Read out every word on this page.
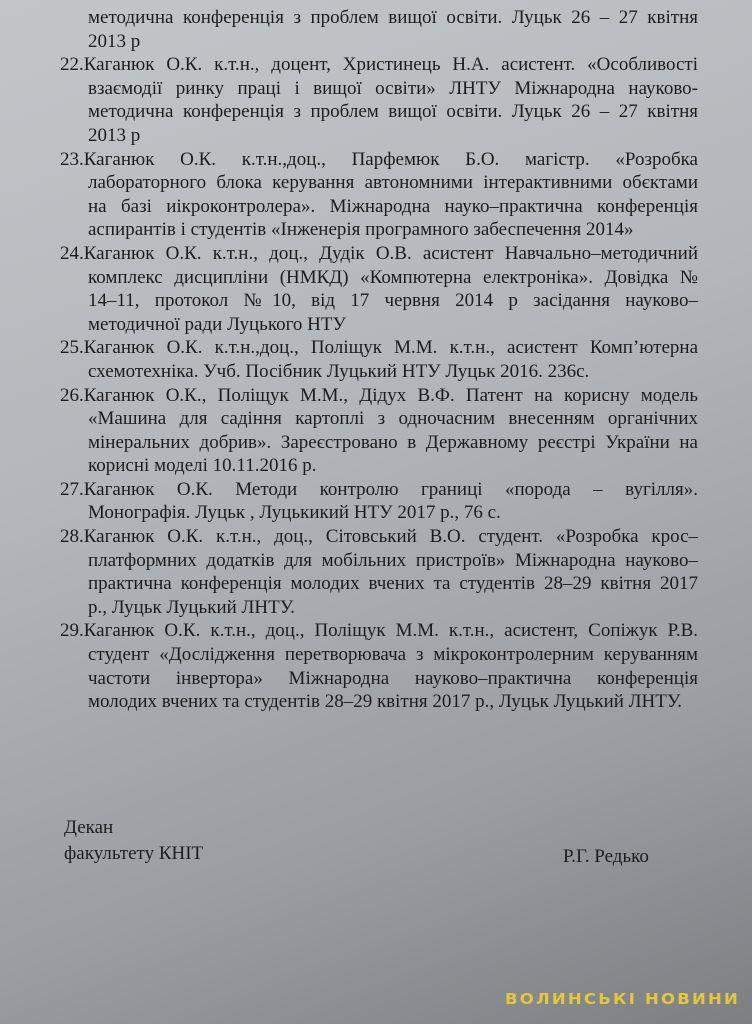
методична конференція з проблем вищої освіти. Луцьк 26 – 27 квітня
2013 р
22.Каганюк О.К. к.т.н., доцент, Христинець Н.А. асистент. «Особливості
взаємодії ринку праці і вищої освіти» ЛНТУ Міжнародна науково-
методична конференція з проблем вищої освіти. Луцьк 26 – 27 квітня
2013 р
23.Каганюк О.К. к.т.н.,доц., Парфемюк Б.О. магістр. «Розробка
лабораторного блока керування автономними інтерактивними обєктами
на базі иікроконтролера». Міжнародна науко–практична конференція
аспирантів і студентів «Інженерія програмного забеспечення 2014»
24.Каганюк О.К. к.т.н., доц., Дудік О.В. асистент Навчально–методичний
комплекс дисципліни (НМКД) «Компютерна електроніка». Довідка №
14–11, протокол №10, від 17 червня 2014 р засідання науково–
методичної ради Луцького НТУ
25.Каганюк О.К. к.т.н.,доц., Поліщук М.М. к.т.н., асистент Комп’ютерна
схемотехніка. Учб. Посібник Луцький НТУ Луцьк 2016. 236с.
26.Каганюк О.К., Поліщук М.М., Дідух В.Ф. Патент на корисну модель
«Машина для садіння картоплі з одночасним внесенням органічних
мінеральних добрив». Зареєстровано в Державному реєстрі України на
корисні моделі 10.11.2016 р.
27.Каганюк О.К. Методи контролю границі «порода – вугілля».
Монографія. Луцьк , Луцькикий НТУ 2017 р., 76 с.
28.Каганюк О.К. к.т.н., доц., Сітовський В.О. студент. «Розробка крос–
платформних додатків для мобільних пристроїв» Міжнародна науково–
практична конференція молодих вчених та студентів 28–29 квітня 2017
р., Луцьк Луцький ЛНТУ.
29.Каганюк О.К. к.т.н., доц., Поліщук М.М. к.т.н., асистент, Сопіжук Р.В.
студент «Дослідження перетворювача з мікроконтролерним керуванням
частоти інвертора» Міжнародна науково–практична конференція
молодих вчених та студентів 28–29 квітня 2017 р., Луцьк Луцький ЛНТУ.
Декан
факультету КНІТ	Р.Г. Редько
ВОЛИНСЬКІ НОВИНИ
